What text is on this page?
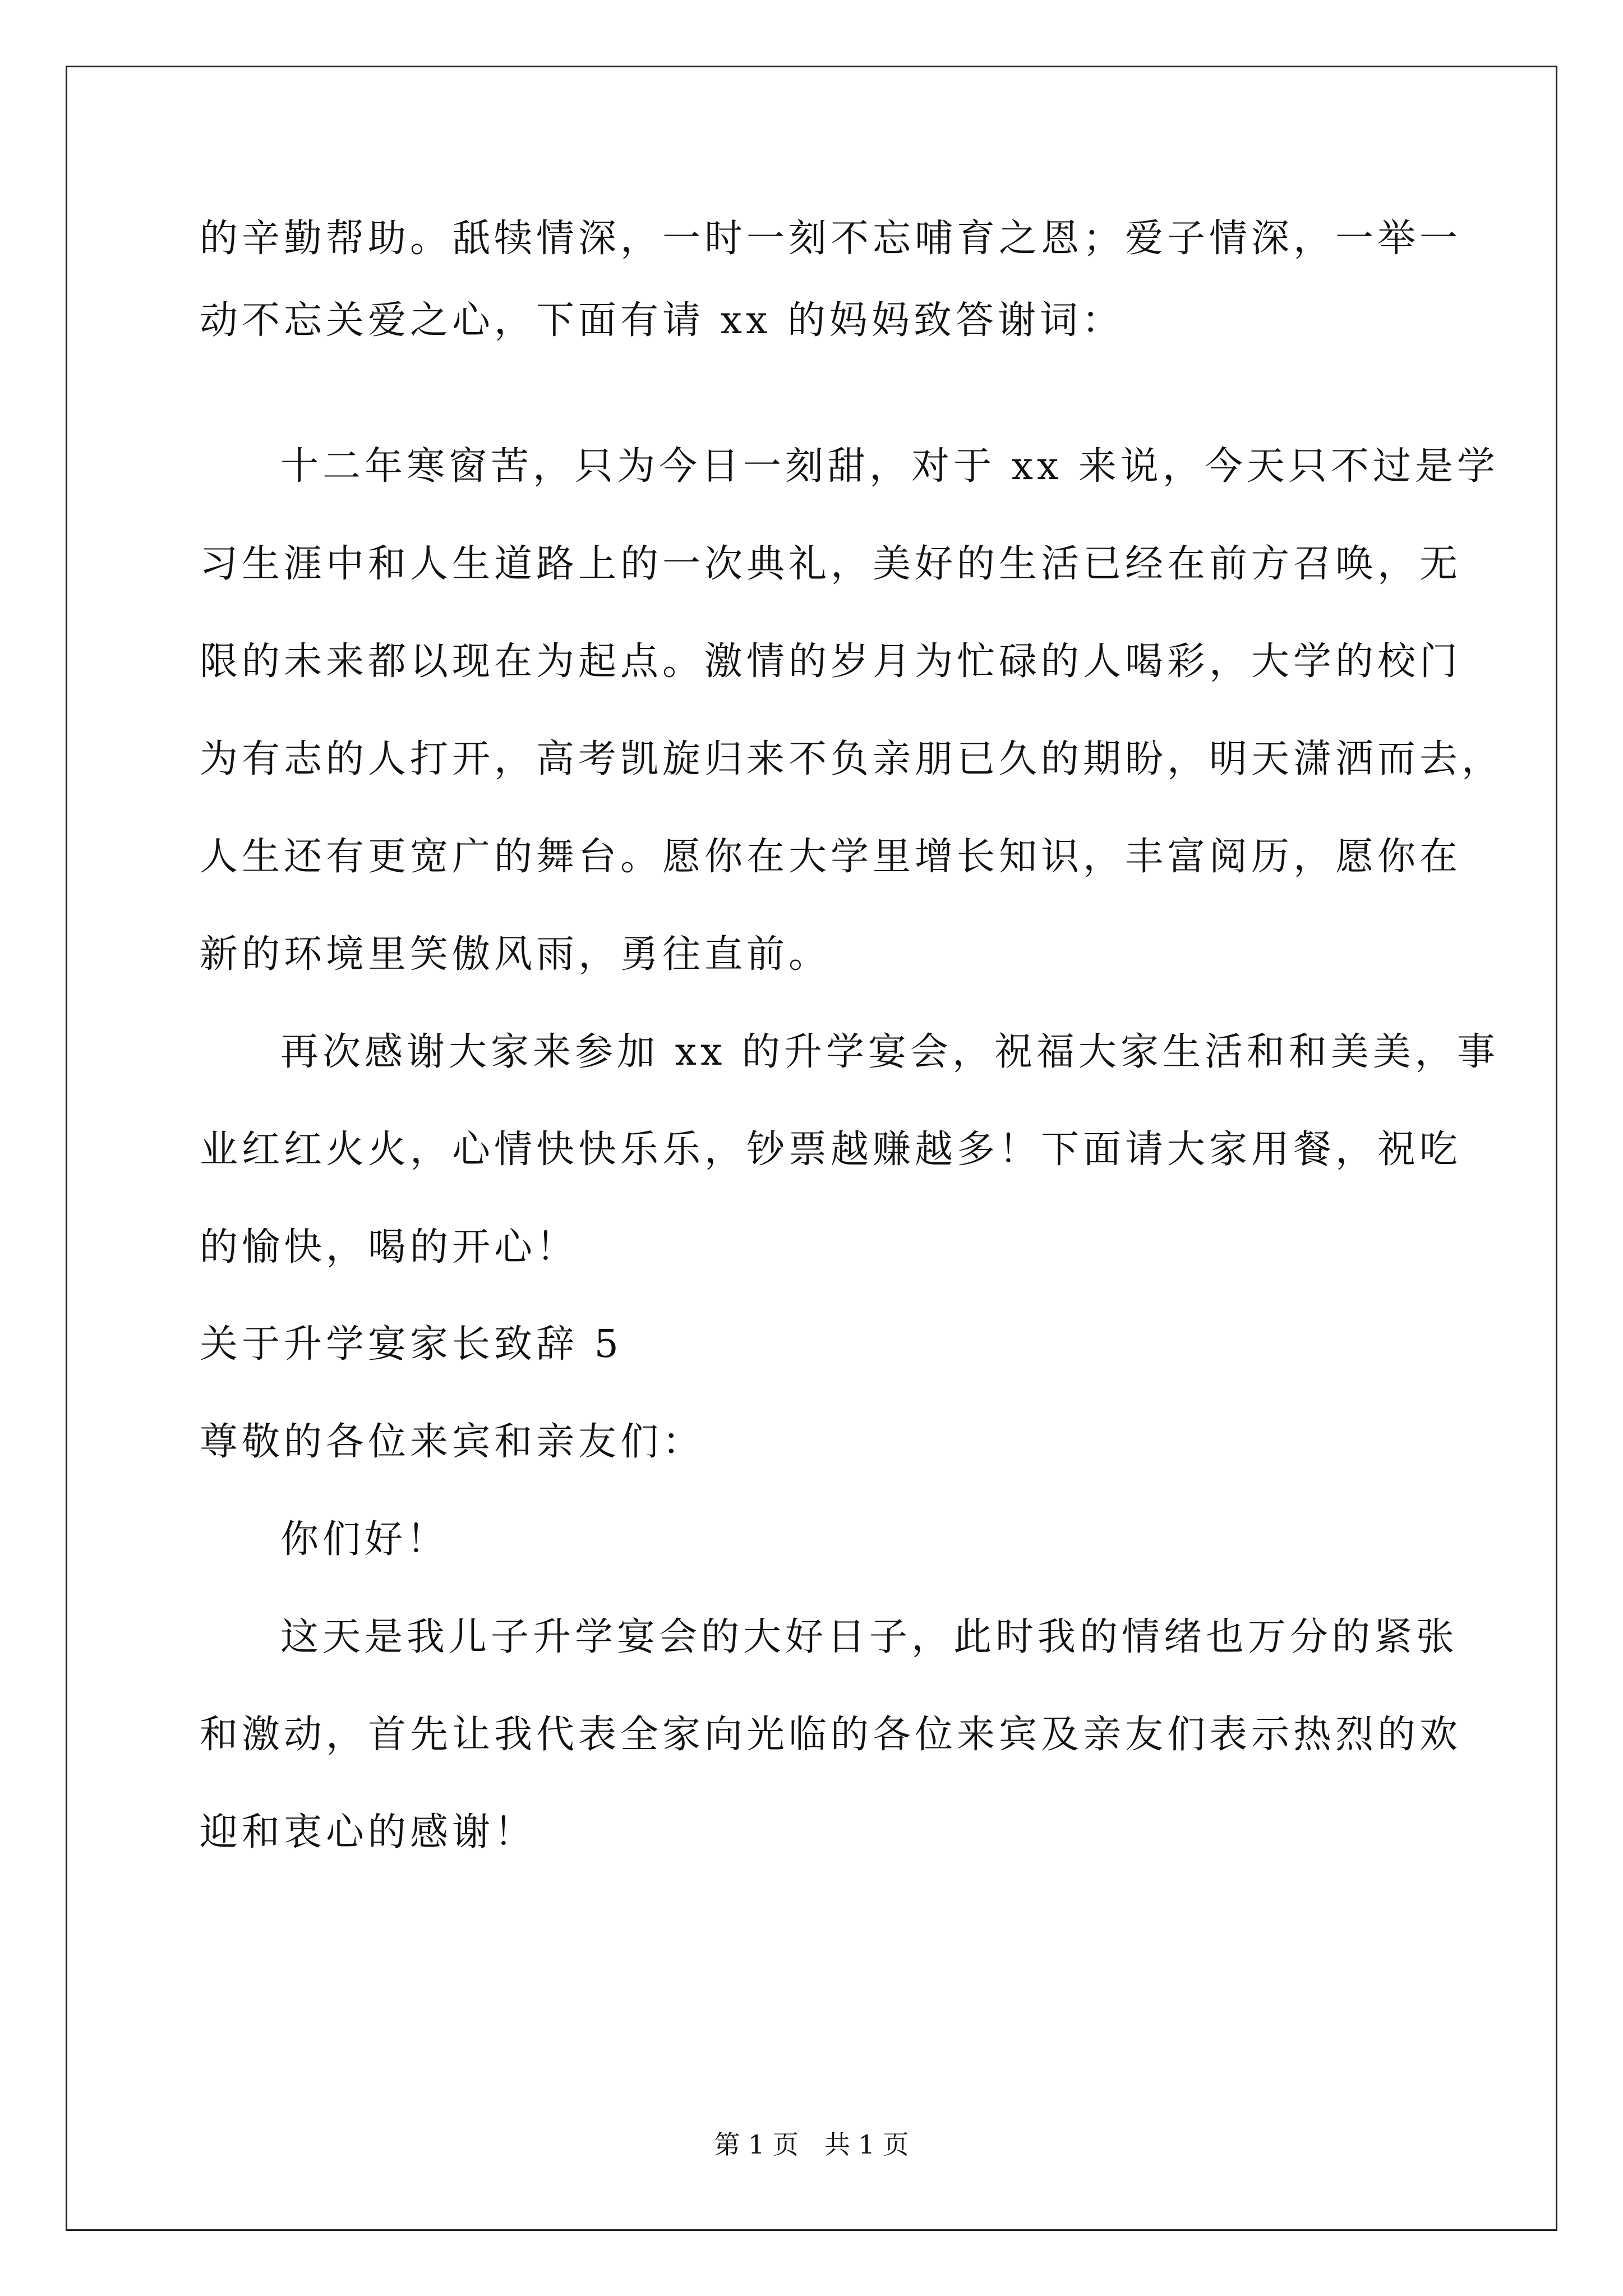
的辛勤帮助。舐犊情深，一时一刻不忘哺育之恩；爱子情深，一举一
动不忘关爱之心，下面有请 xx 的妈妈致答谢词：
十二年寒窗苦，只为今日一刻甜，对于 xx 来说，今天只不过是学
习生涯中和人生道路上的一次典礼，美好的生活已经在前方召唤，无
限的未来都以现在为起点。激情的岁月为忙碌的人喝彩，大学的校门
为有志的人打开，高考凯旋归来不负亲朋已久的期盼，明天潇洒而去，
人生还有更宽广的舞台。愿你在大学里增长知识，丰富阅历，愿你在
新的环境里笑傲风雨，勇往直前。
再次感谢大家来参加 xx 的升学宴会，祝福大家生活和和美美，事
业红红火火，心情快快乐乐，钞票越赚越多！下面请大家用餐，祝吃
的愉快，喝的开心！
关于升学宴家长致辞 5
尊敬的各位来宾和亲友们：
你们好！
这天是我儿子升学宴会的大好日子，此时我的情绪也万分的紧张
和激动，首先让我代表全家向光临的各位来宾及亲友们表示热烈的欢
迎和衷心的感谢！
第 1 页　共 1 页
